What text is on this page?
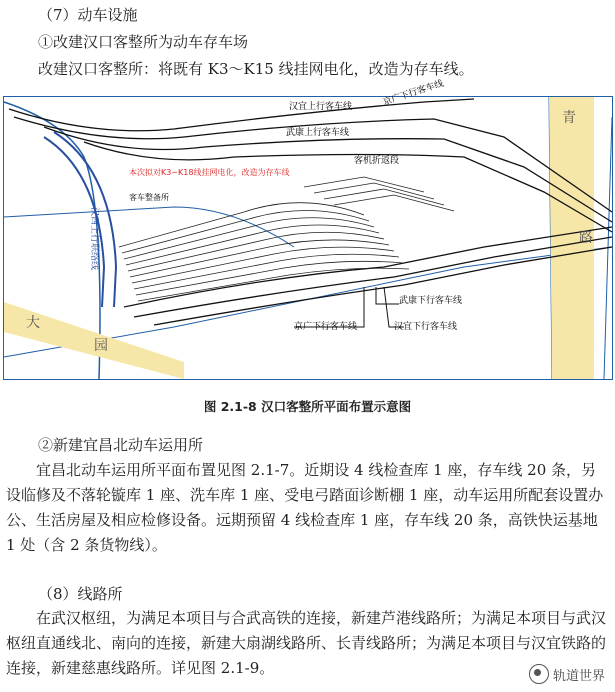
（7）动车设施
①改建汉口客整所为动车存车场
改建汉口客整所：将既有 K3～K15 线挂网电化，改造为存车线。
汉宜上行客车线	京广下行客车线
武康上行客车线
客机折返段
本次拟对K3~K18线挂网电化，改造为存车线
客车整备所
汉西上行联络线
武康下行客车线
京广下行客车线	汉宜下行客车线
大
园
青
路
图 2.1-8 汉口客整所平面布置示意图
②新建宜昌北动车运用所

宜昌北动车运用所平面布置见图 2.1-7。近期设 4 线检查库 1 座，存车线 20 条，另设临修及不落轮镟库 1 座、洗车库 1 座、受电弓踏面诊断棚 1 座，动车运用所配套设置办公、生活房屋及相应检修设备。远期预留 4 线检查库 1 座，存车线 20 条，高铁快运基地 1 处（含 2 条货物线）。

（8）线路所

在武汉枢纽，为满足本项目与合武高铁的连接，新建芦港线路所；为满足本项目与武汉枢纽直通线北、南向的连接，新建大扇湖线路所、长青线路所；为满足本项目与汉宜铁路的连接，新建慈惠线路所。详见图 2.1-9。	轨道世界
